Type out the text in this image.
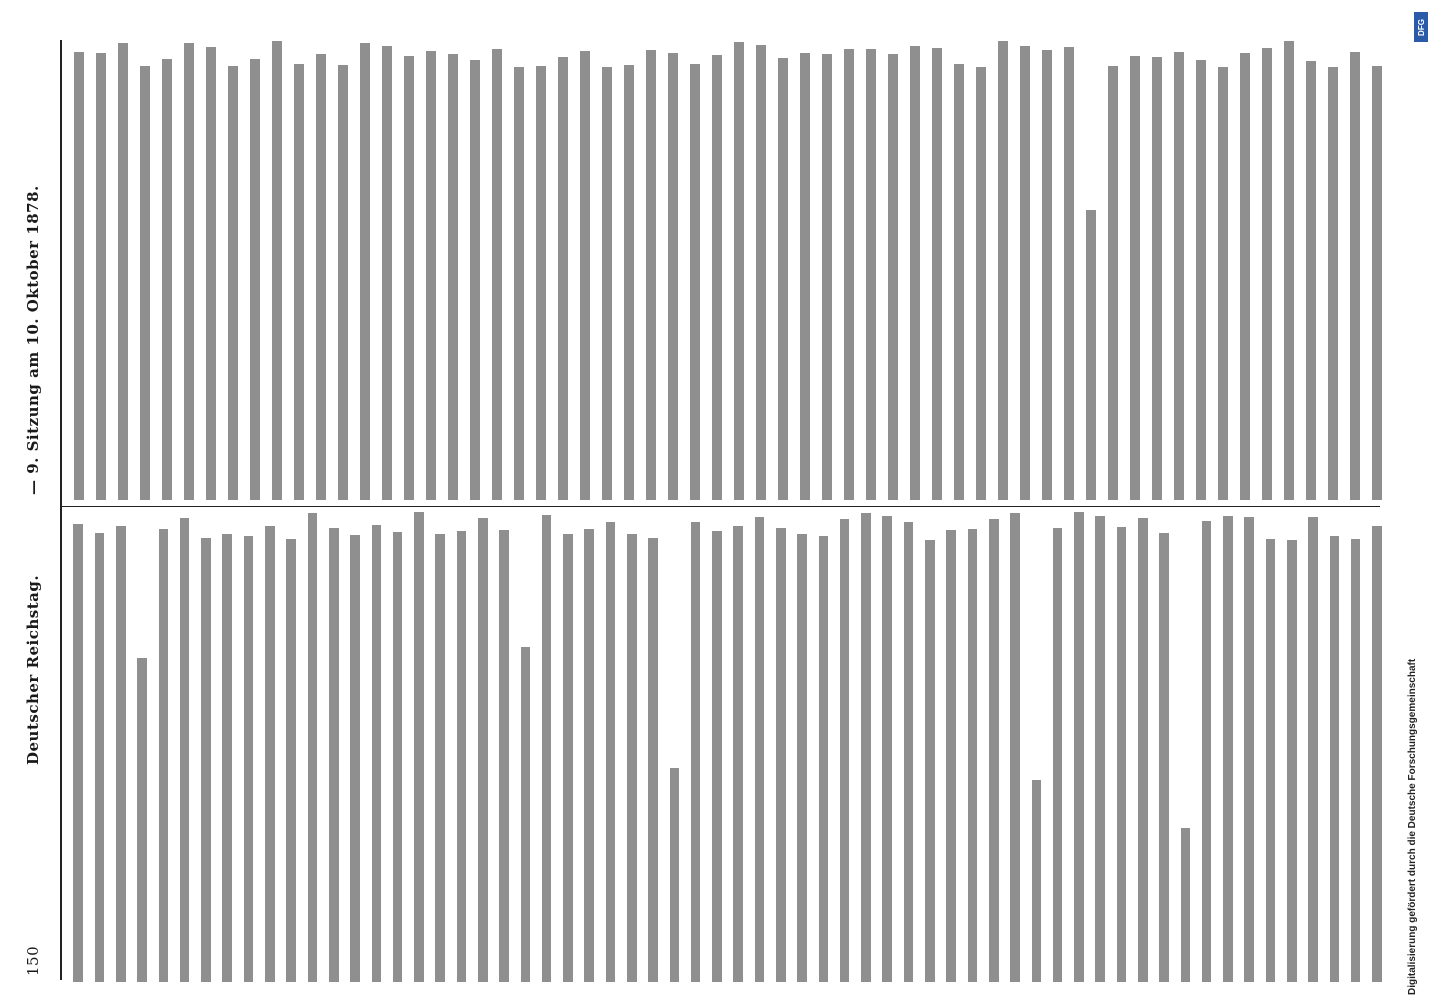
150
Deutscher Reichstag.
— 9. Sitzung am 10. Oktober 1878.
DFG
Digitalisierung gefördert durch die Deutsche Forschungsgemeinschaft
